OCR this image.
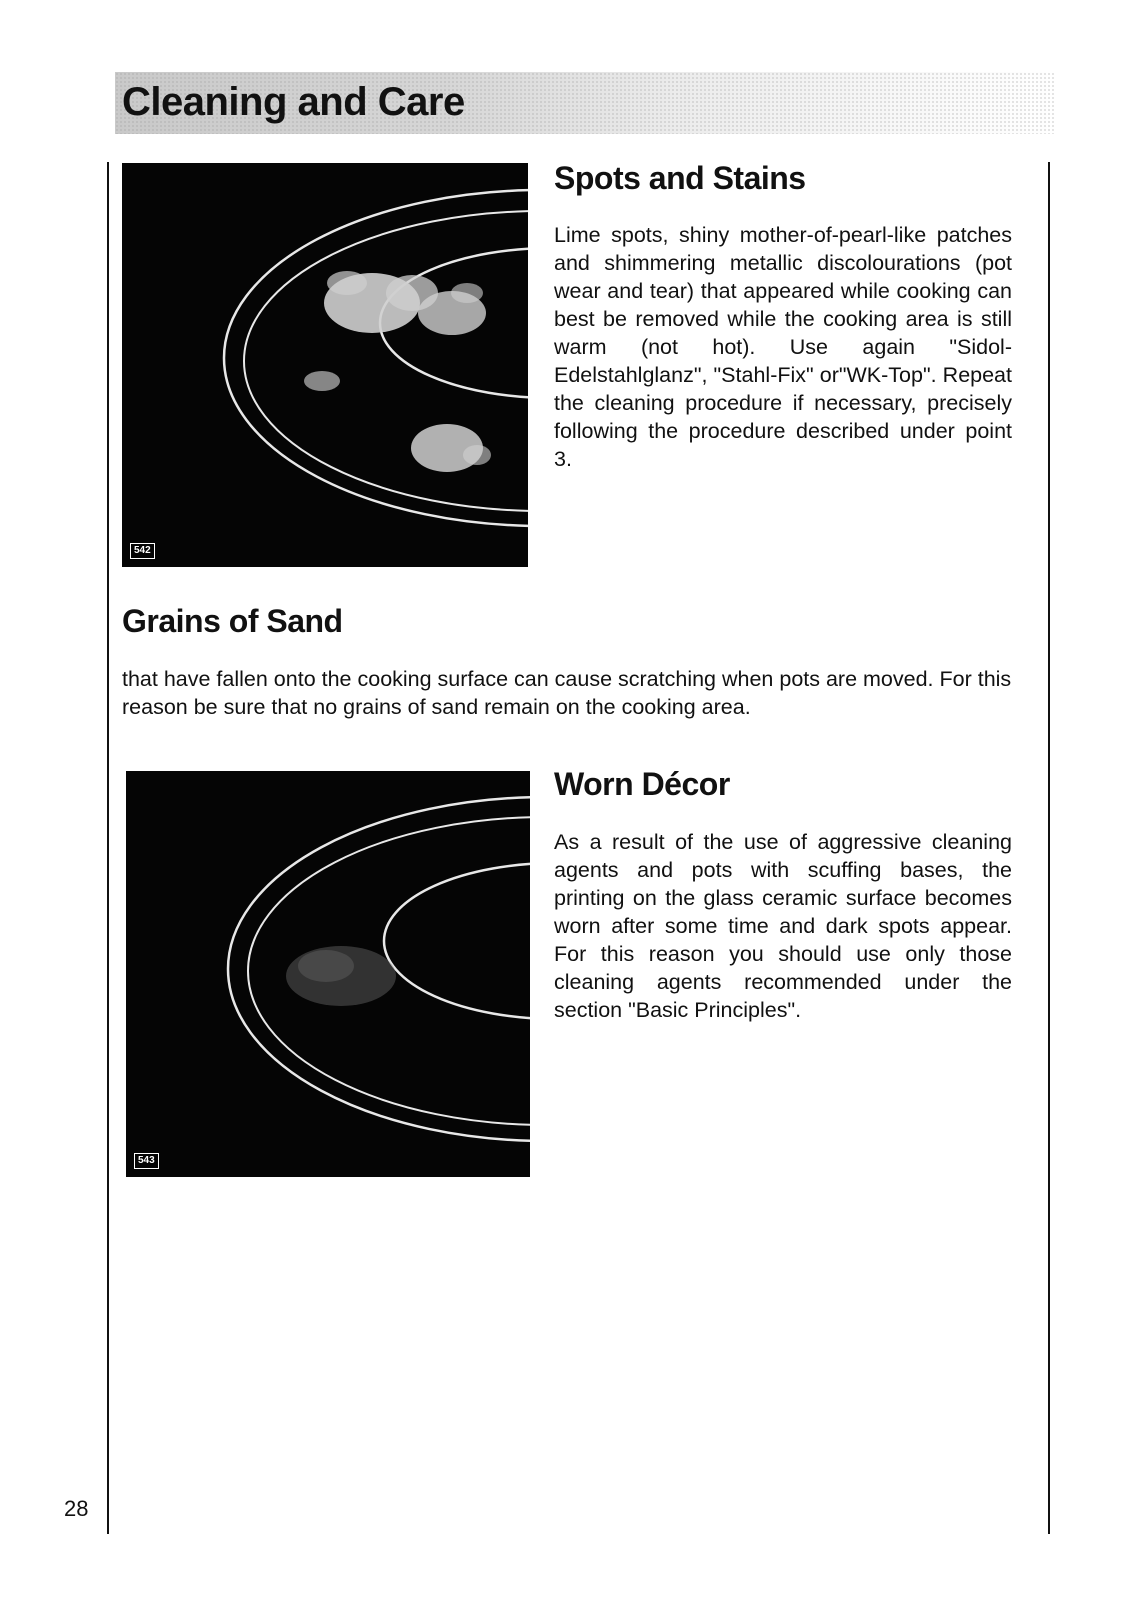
Cleaning and Care
542
Spots and Stains

Lime spots, shiny mother-of-pearl-like patches and shimmering metallic discolourations (pot wear and tear) that appeared while cooking can best be removed while the cooking area is still warm (not hot). Use again "Sidol-Edelstahlglanz", "Stahl-Fix" or"WK-Top". Repeat the cleaning procedure if necessary, precisely following the procedure described under point 3.

Grains of Sand

that have fallen onto the cooking surface can cause scratching when pots are moved. For this reason be sure that no grains of sand remain on the cooking area.

543
Worn Décor

As a result of the use of aggressive cleaning agents and pots with scuffing bases, the printing on the glass ceramic surface becomes worn after some time and dark spots appear. For this reason you should use only those cleaning agents recommended under the section "Basic Principles".

28
